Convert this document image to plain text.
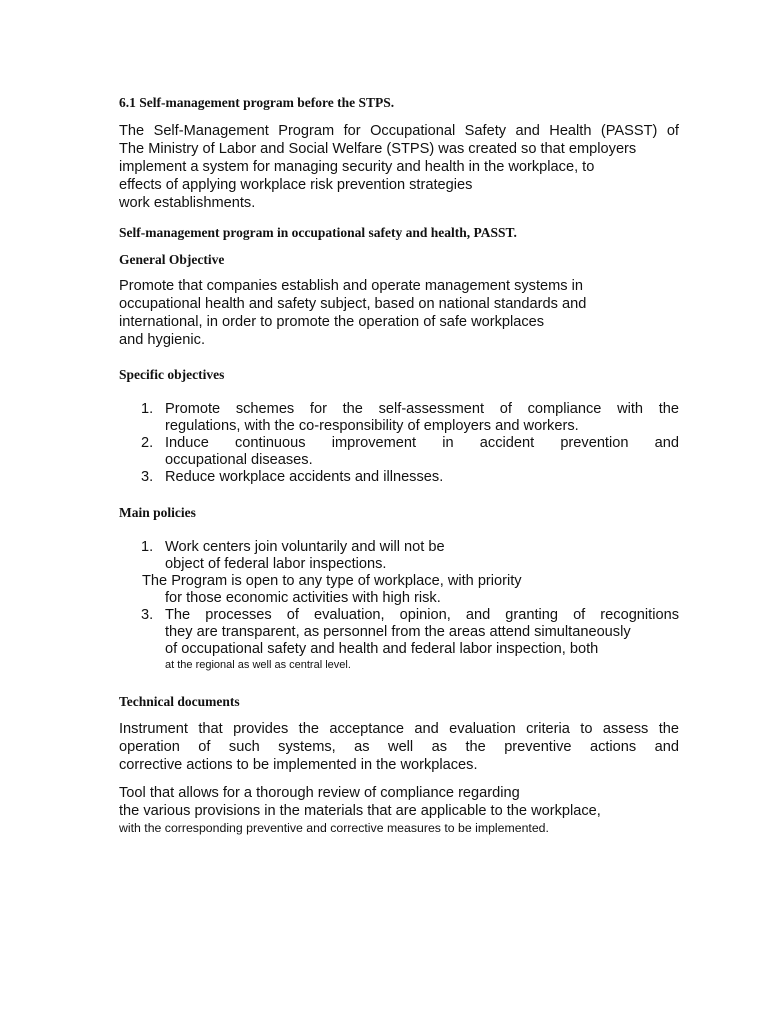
6.1 Self-management program before the STPS.

The Self-Management Program for Occupational Safety and Health (PASST) of
The Ministry of Labor and Social Welfare (STPS) was created so that employers
implement a system for managing security and health in the workplace, to
effects of applying workplace risk prevention strategies
work establishments.

Self-management program in occupational safety and health, PASST.

General Objective

Promote that companies establish and operate management systems in
occupational health and safety subject, based on national standards and
international, in order to promote the operation of safe workplaces
and hygienic.

Specific objectives

1. Promote schemes for the self-assessment of compliance with the
regulations, with the co-responsibility of employers and workers.
2. Induce continuous improvement in accident prevention and
occupational diseases.
3. Reduce workplace accidents and illnesses.

Main policies

1. Work centers join voluntarily and will not be
object of federal labor inspections.
The Program is open to any type of workplace, with priority
for those economic activities with high risk.
3. The processes of evaluation, opinion, and granting of recognitions
they are transparent, as personnel from the areas attend simultaneously
of occupational safety and health and federal labor inspection, both
at the regional as well as central level.

Technical documents

Instrument that provides the acceptance and evaluation criteria to assess the
operation of such systems, as well as the preventive actions and
corrective actions to be implemented in the workplaces.

Tool that allows for a thorough review of compliance regarding
the various provisions in the materials that are applicable to the workplace,
with the corresponding preventive and corrective measures to be implemented.
